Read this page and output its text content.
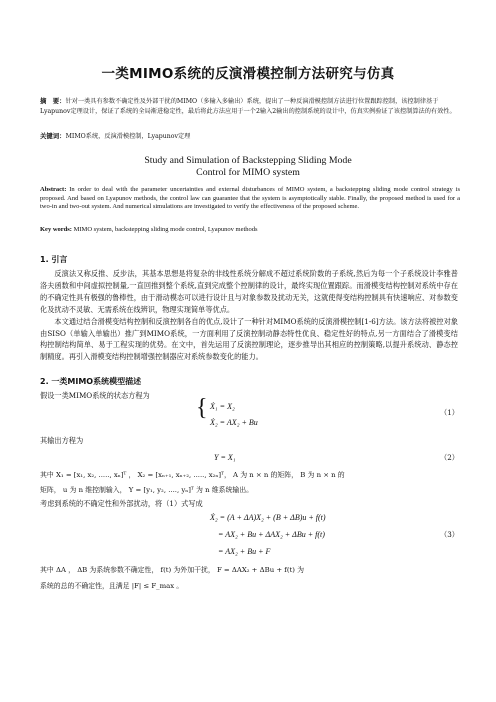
一类MIMO系统的反演滑模控制方法研究与仿真
摘　要：针对一类具有参数不确定性及外部干扰的MIMO（多输入多输出）系统，提出了一种反演滑模控制方法进行位置跟踪控制，该控制律基于Lyapunov定理设计，保证了系统的全局渐进稳定性，最后将此方法应用于一个2输入2输出的控制系统的设计中，仿真实例验证了该控制算法的有效性。
关键词：MIMO系统，反演滑模控制，Lyapunov定理
Study and Simulation of Backstepping Sliding Mode
Control for MIMO system
Abstract: In order to deal with the parameter uncertainties and external disturbances of MIMO system, a backstepping sliding mode control strategy is proposed. And based on Lyapunov methods, the control law can guarantee that the system is asymptotically stable. Finally, the proposed method is used for a two-in and two-out system. And numerical simulations are investigated to verify the effectiveness of the proposed scheme.
Key words: MIMO system, backstepping sliding mode control, Lyapunov methods
1. 引言
反演法又称反推、反步法，其基本思想是将复杂的非线性系统分解成不超过系统阶数的子系统,然后为每一个子系统设计李雅普洛夫函数和中间虚拟控制量,一直回推到整个系统,直到完成整个控制律的设计，最终实现位置跟踪。而滑模变结构控制对系统中存在的不确定性具有极强的鲁棒性，由于滑动模态可以进行设计且与对象参数及扰动无关，这就使得变结构控制具有快速响应、对参数变化及扰动不灵敏、无需系统在线辨识，物理实现简单等优点。
本文通过结合滑模变结构控制和反演控制各自的优点,设计了一种针对MIMO系统的反演滑模控制[1-6]方法。该方法将被控对象由SISO（单输入单输出）推广到MIMO系统，一方面利用了反演控制动静态特性优良、稳定性好的特点,另一方面结合了滑模变结构控制结构简单、易于工程实现的优势。在文中，首先运用了反演控制理论，逐步推导出其相应的控制策略,以提升系统动、静态控制精度。再引入滑模变结构控制增强控制器应对系统参数变化的能力。
2. 一类MIMO系统模型描述
假设一类MIMO系统的状态方程为 { Ẋ₁ = X₂
Ẋ₂ = AX₂ + Bu
（1）
其输出方程为
Y = X₁	（2）
其中 X₁ = [x₁, x₂, ....., xₙ]ᵀ ， X₂ = [xₙ₊₁, xₙ₊₂, ....., x₂ₙ]ᵀ， A 为 n × n 的矩阵， B 为 n × n 的
矩阵， u 为 n 维控制输入， Y = [y₁, y₂, ...., yₙ]ᵀ 为 n 维系统输出。
考虑到系统的不确定性和外部扰动，将（1）式写成
Ẋ₂ = (A + ΔA)X₂ + (B + ΔB)u + f(t)
= AX₂ + Bu + ΔAX₂ + ΔBu + f(t)
= AX₂ + Bu + F
（3）
其中 ΔA ， ΔB 为系统参数不确定性， f(t) 为外加干扰， F = ΔAX₂ + ΔBu + f(t) 为
系统的总的不确定性，且满足 |F| ≤ F_max 。
